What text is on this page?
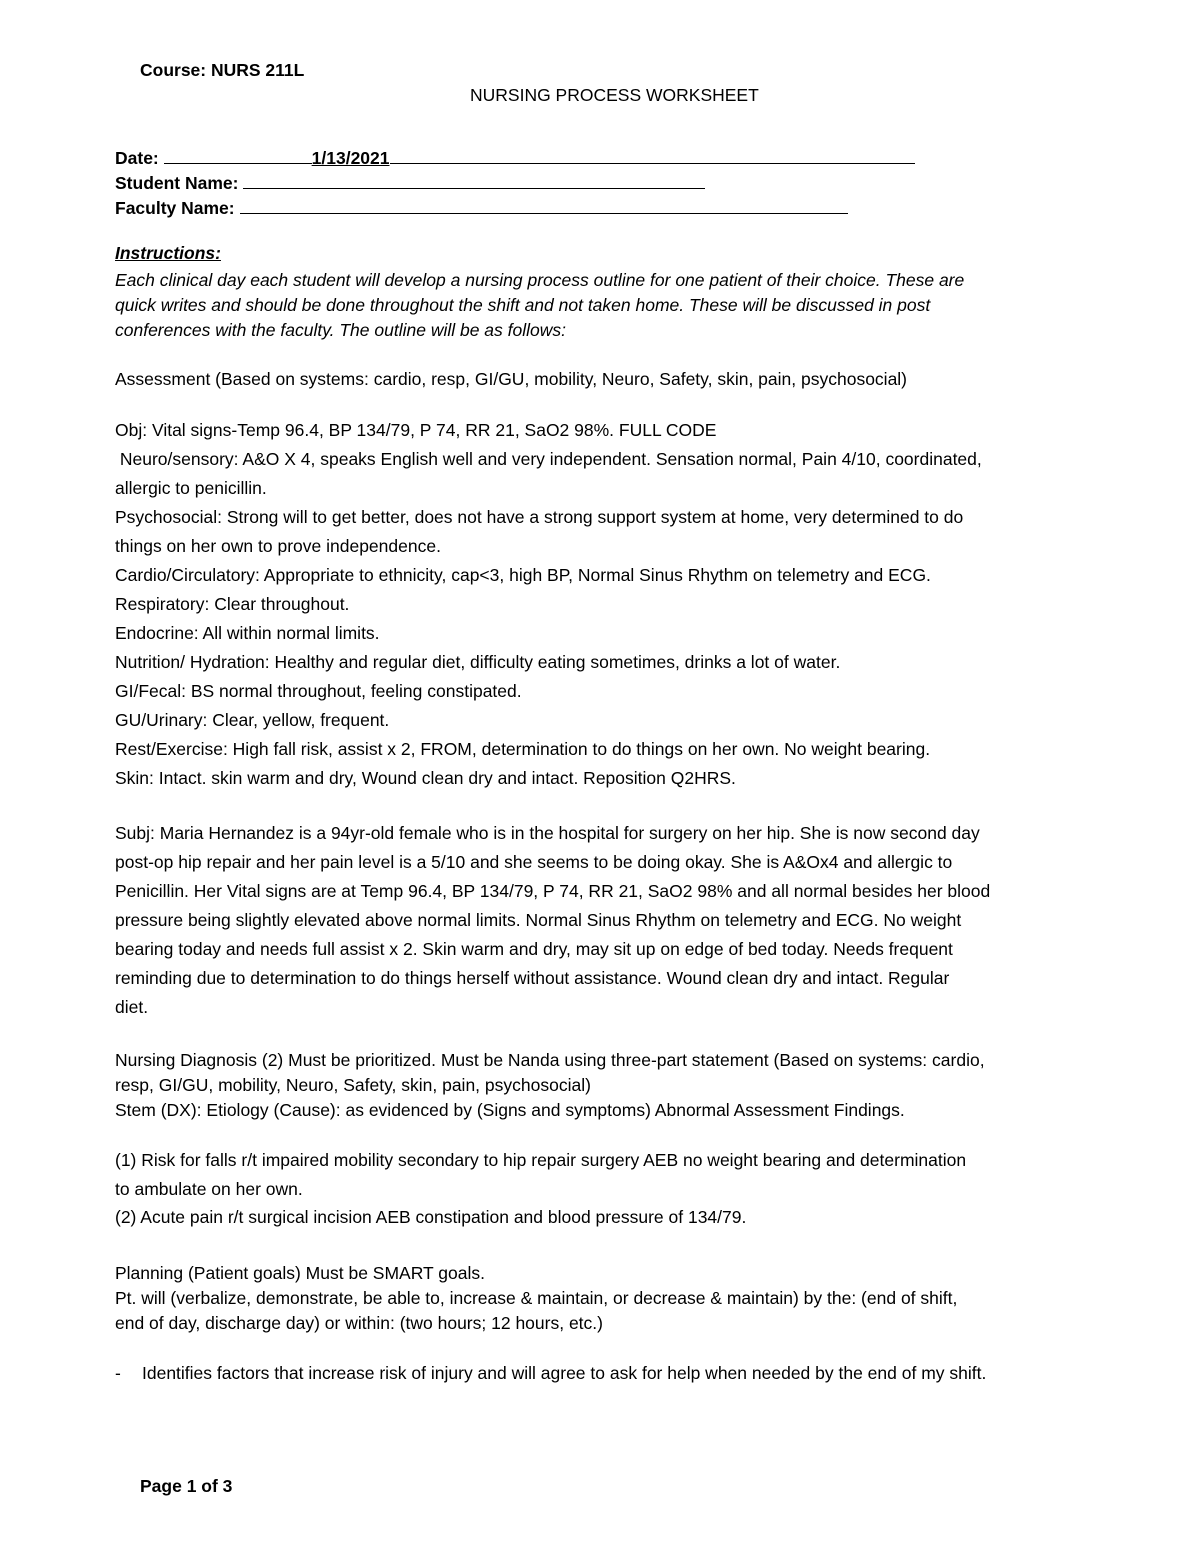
Course: NURS 211L
NURSING PROCESS WORKSHEET
Date:	1/13/2021
Student Name:
Faculty Name:
Instructions:
Each clinical day each student will develop a nursing process outline for one patient of their choice. These are
quick writes and should be done throughout the shift and not taken home. These will be discussed in post
conferences with the faculty. The outline will be as follows:
Assessment (Based on systems: cardio, resp, GI/GU, mobility, Neuro, Safety, skin, pain, psychosocial)
Obj: Vital signs-Temp 96.4, BP 134/79, P 74, RR 21, SaO2 98%. FULL CODE
Neuro/sensory: A&O X 4, speaks English well and very independent. Sensation normal, Pain 4/10, coordinated,
allergic to penicillin.
Psychosocial: Strong will to get better, does not have a strong support system at home, very determined to do
things on her own to prove independence.
Cardio/Circulatory: Appropriate to ethnicity, cap<3, high BP, Normal Sinus Rhythm on telemetry and ECG.
Respiratory: Clear throughout.
Endocrine: All within normal limits.
Nutrition/ Hydration: Healthy and regular diet, difficulty eating sometimes, drinks a lot of water.
GI/Fecal: BS normal throughout, feeling constipated.
GU/Urinary: Clear, yellow, frequent.
Rest/Exercise: High fall risk, assist x 2, FROM, determination to do things on her own. No weight bearing.
Skin: Intact. skin warm and dry, Wound clean dry and intact. Reposition Q2HRS.
Subj: Maria Hernandez is a 94yr-old female who is in the hospital for surgery on her hip. She is now second day
post-op hip repair and her pain level is a 5/10 and she seems to be doing okay. She is A&Ox4 and allergic to
Penicillin. Her Vital signs are at Temp 96.4, BP 134/79, P 74, RR 21, SaO2 98% and all normal besides her blood
pressure being slightly elevated above normal limits. Normal Sinus Rhythm on telemetry and ECG. No weight
bearing today and needs full assist x 2. Skin warm and dry, may sit up on edge of bed today. Needs frequent
reminding due to determination to do things herself without assistance. Wound clean dry and intact. Regular
diet.
Nursing Diagnosis (2) Must be prioritized. Must be Nanda using three-part statement (Based on systems: cardio,
resp, GI/GU, mobility, Neuro, Safety, skin, pain, psychosocial)
Stem (DX): Etiology (Cause): as evidenced by (Signs and symptoms) Abnormal Assessment Findings.
(1) Risk for falls r/t impaired mobility secondary to hip repair surgery AEB no weight bearing and determination
to ambulate on her own.
(2) Acute pain r/t surgical incision AEB constipation and blood pressure of 134/79.
Planning (Patient goals) Must be SMART goals.
Pt. will (verbalize, demonstrate, be able to, increase & maintain, or decrease & maintain) by the: (end of shift,
end of day, discharge day) or within: (two hours; 12 hours, etc.)
- Identifies factors that increase risk of injury and will agree to ask for help when needed by the end of my shift.
Page 1 of 3
